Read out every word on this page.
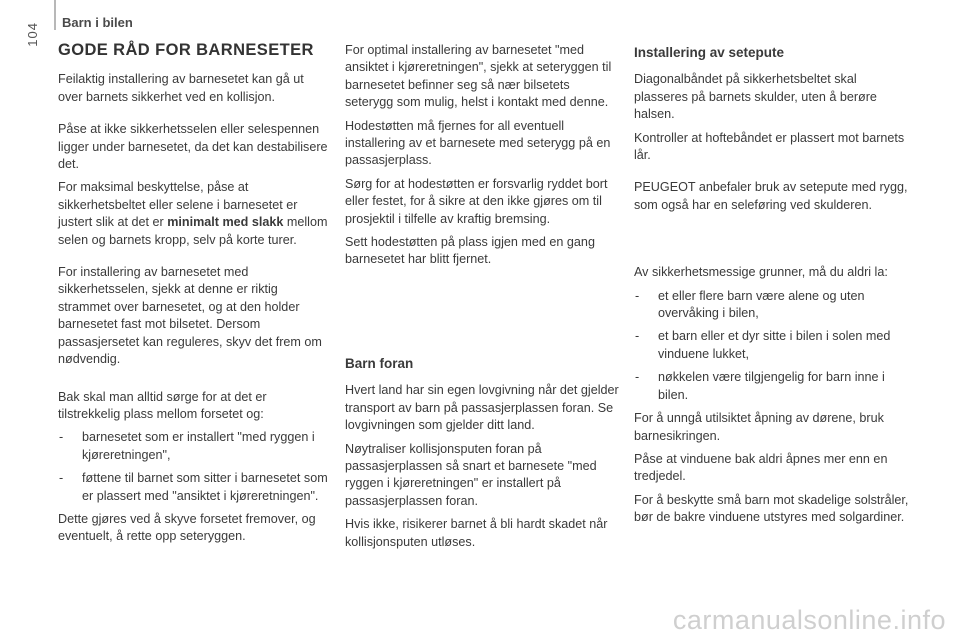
104 Barn i bilen
GODE RÅD FOR BARNESETER

Feilaktig installering av barnesetet kan gå ut over barnets sikkerhet ved en kollisjon.

Påse at ikke sikkerhetsselen eller selespennen ligger under barnesetet, da det kan destabilisere det.

For maksimal beskyttelse, påse at sikkerhetsbeltet eller selene i barnesetet er justert slik at det er minimalt med slakk mellom selen og barnets kropp, selv på korte turer.

For installering av barnesetet med sikkerhetsselen, sjekk at denne er riktig strammet over barnesetet, og at den holder barnesetet fast mot bilsetet. Dersom passasjersetet kan reguleres, skyv det frem om nødvendig.

Bak skal man alltid sørge for at det er tilstrekkelig plass mellom forsetet og:

- barnesetet som er installert "med ryggen i kjøreretningen",
- føttene til barnet som sitter i barnesetet som er plassert med "ansiktet i kjøreretningen".

Dette gjøres ved å skyve forsetet fremover, og eventuelt, å rette opp seteryggen.

For optimal installering av barnesetet "med ansiktet i kjøreretningen", sjekk at seteryggen til barnesetet befinner seg så nær bilsetets seterygg som mulig, helst i kontakt med denne.

Hodestøtten må fjernes for all eventuell installering av et barnesete med seterygg på en passasjerplass.

Sørg for at hodestøtten er forsvarlig ryddet bort eller festet, for å sikre at den ikke gjøres om til prosjektil i tilfelle av kraftig bremsing.

Sett hodestøtten på plass igjen med en gang barnesetet har blitt fjernet.

Barn foran

Hvert land har sin egen lovgivning når det gjelder transport av barn på passasjerplassen foran. Se lovgivningen som gjelder ditt land.

Nøytraliser kollisjonsputen foran på passasjerplassen så snart et barnesete "med ryggen i kjøreretningen" er installert på passasjerplassen foran.

Hvis ikke, risikerer barnet å bli hardt skadet når kollisjonsputen utløses.

Installering av setepute

Diagonalbåndet på sikkerhetsbeltet skal plasseres på barnets skulder, uten å berøre halsen.

Kontroller at hoftebåndet er plassert mot barnets lår.

PEUGEOT anbefaler bruk av setepute med rygg, som også har en seleføring ved skulderen.

Av sikkerhetsmessige grunner, må du aldri la:

- et eller flere barn være alene og uten overvåking i bilen,
- et barn eller et dyr sitte i bilen i solen med vinduene lukket,
- nøkkelen være tilgjengelig for barn inne i bilen.

For å unngå utilsiktet åpning av dørene, bruk barnesikringen.

Påse at vinduene bak aldri åpnes mer enn en tredjedel.

For å beskytte små barn mot skadelige solstråler, bør de bakre vinduene utstyres med solgardiner.

carmanualsonline.info
